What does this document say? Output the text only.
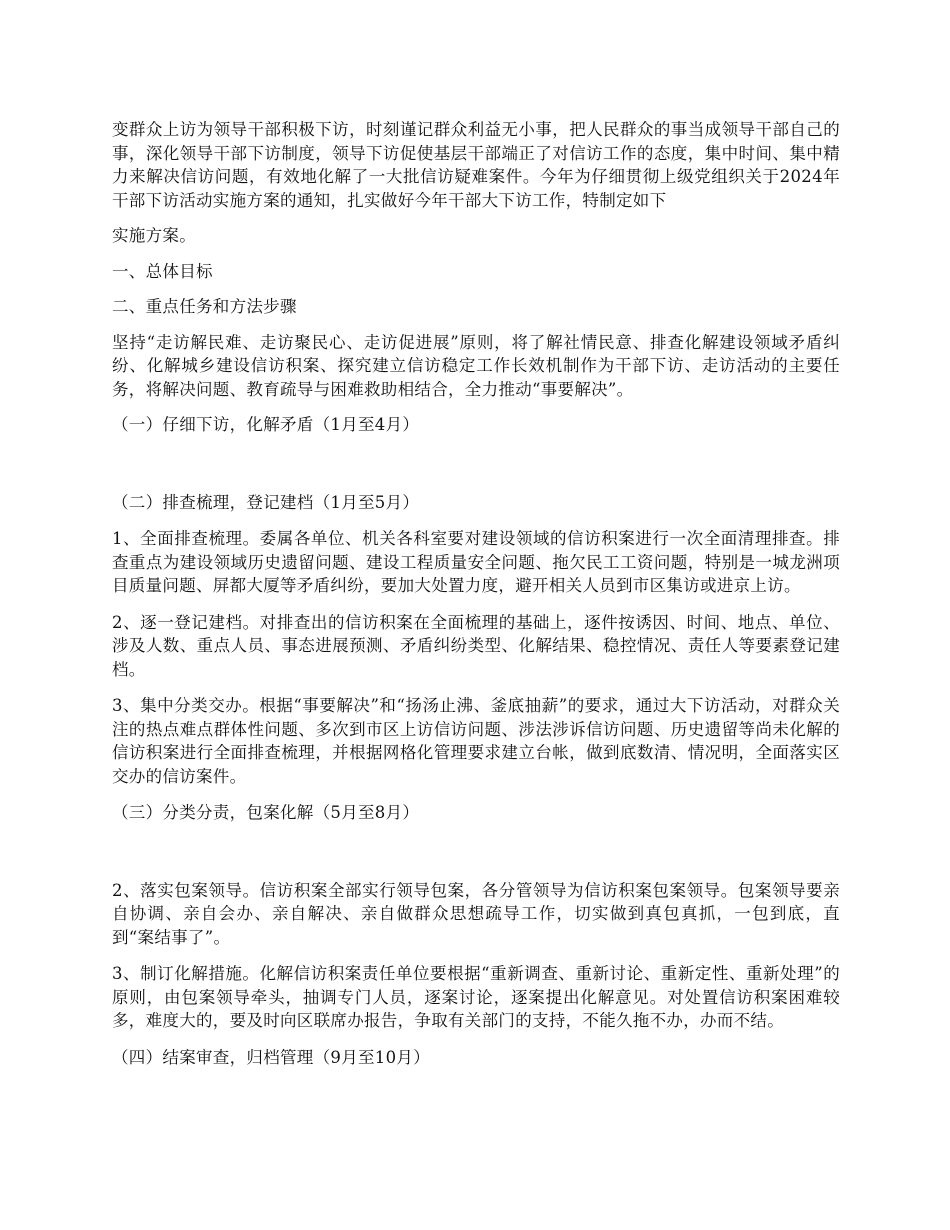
变群众上访为领导干部积极下访，时刻谨记群众利益无小事，把人民群众的事当成领导干部自己的事，深化领导干部下访制度，领导下访促使基层干部端正了对信访工作的态度，集中时间、集中精力来解决信访问题，有效地化解了一大批信访疑难案件。今年为仔细贯彻上级党组织关于2024年干部下访活动实施方案的通知，扎实做好今年干部大下访工作，特制定如下

实施方案。

一、总体目标

二、重点任务和方法步骤

坚持“走访解民难、走访聚民心、走访促进展”原则，将了解社情民意、排查化解建设领域矛盾纠纷、化解城乡建设信访积案、探究建立信访稳定工作长效机制作为干部下访、走访活动的主要任务，将解决问题、教育疏导与困难救助相结合，全力推动“事要解决”。

（一）仔细下访，化解矛盾（1月至4月）

（二）排查梳理，登记建档（1月至5月）

1、全面排查梳理。委属各单位、机关各科室要对建设领域的信访积案进行一次全面清理排查。排查重点为建设领域历史遗留问题、建设工程质量安全问题、拖欠民工工资问题，特别是一城龙洲项目质量问题、屏都大厦等矛盾纠纷，要加大处置力度，避开相关人员到市区集访或进京上访。

2、逐一登记建档。对排查出的信访积案在全面梳理的基础上，逐件按诱因、时间、地点、单位、涉及人数、重点人员、事态进展预测、矛盾纠纷类型、化解结果、稳控情况、责任人等要素登记建档。

3、集中分类交办。根据“事要解决”和“扬汤止沸、釜底抽薪”的要求，通过大下访活动，对群众关注的热点难点群体性问题、多次到市区上访信访问题、涉法涉诉信访问题、历史遗留等尚未化解的信访积案进行全面排查梳理，并根据网格化管理要求建立台帐，做到底数清、情况明，全面落实区交办的信访案件。

（三）分类分责，包案化解（5月至8月）

2、落实包案领导。信访积案全部实行领导包案，各分管领导为信访积案包案领导。包案领导要亲自协调、亲自会办、亲自解决、亲自做群众思想疏导工作，切实做到真包真抓，一包到底，直到“案结事了”。

3、制订化解措施。化解信访积案责任单位要根据“重新调查、重新讨论、重新定性、重新处理”的原则，由包案领导牵头，抽调专门人员，逐案讨论，逐案提出化解意见。对处置信访积案困难较多，难度大的，要及时向区联席办报告，争取有关部门的支持，不能久拖不办，办而不结。

（四）结案审查，归档管理（9月至10月）
